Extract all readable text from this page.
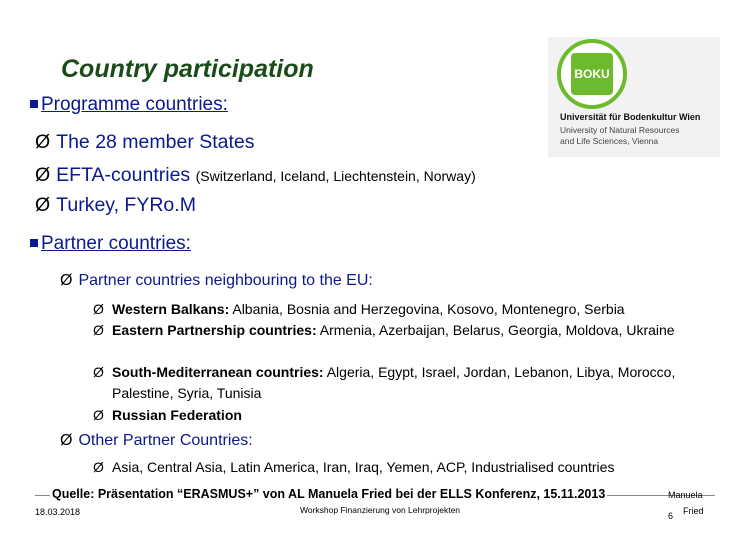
Country participation	BOKU
Universität für Bodenkultur Wien
University of Natural Resources
and Life Sciences, Vienna
Programme countries:
Ø The 28 member States
Ø EFTA-countries (Switzerland, Iceland, Liechtenstein, Norway)
Ø Turkey, FYRo.M
Partner countries:
Ø Partner countries neighbouring to the EU:
Ø Western Balkans: Albania, Bosnia and Herzegovina, Kosovo, Montenegro, Serbia
Ø Eastern Partnership countries: Armenia, Azerbaijan, Belarus, Georgia, Moldova, Ukraine
Ø South-Mediterranean countries: Algeria, Egypt, Israel, Jordan, Lebanon, Libya, Morocco, Palestine, Syria, Tunisia
Ø Russian Federation
Ø Other Partner Countries:
Ø Asia, Central Asia, Latin America, Iran, Iraq, Yemen, ACP, Industrialised countries
Quelle: Präsentation “ERASMUS+” von AL Manuela Fried bei der ELLS Konferenz, 15.11.2013
18.03.2018	Workshop Finanzierung von Lehrprojekten
Manuela
Fried
6
